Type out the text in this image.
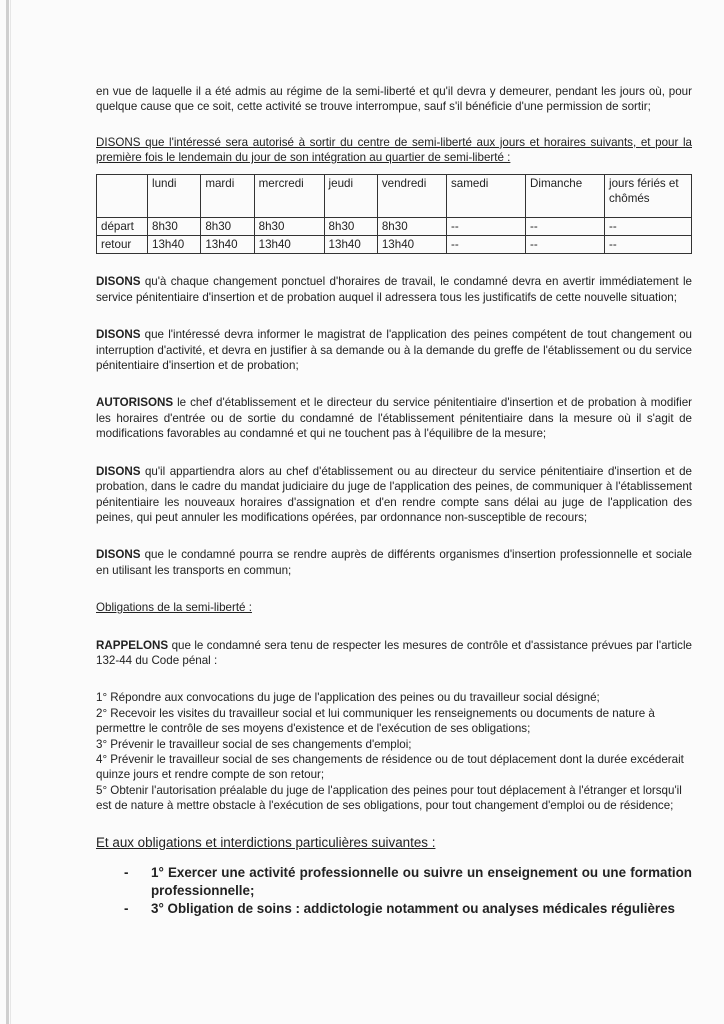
en vue de laquelle il a été admis au régime de la semi-liberté et qu'il devra y demeurer, pendant les jours où, pour quelque cause que ce soit, cette activité se trouve interrompue, sauf s'il bénéficie d'une permission de sortir;

DISONS que l'intéressé sera autorisé à sortir du centre de semi-liberté aux jours et horaires suivants, et pour la première fois le lendemain du jour de son intégration au quartier de semi-liberté :

	lundi	mardi	mercredi	jeudi	vendredi	samedi	Dimanche	jours fériés et chômés
départ	8h30	8h30	8h30	8h30	8h30	--	--	--
retour	13h40	13h40	13h40	13h40	13h40	--	--	--

DISONS qu'à chaque changement ponctuel d'horaires de travail, le condamné devra en avertir immédiatement le service pénitentiaire d'insertion et de probation auquel il adressera tous les justificatifs de cette nouvelle situation;

DISONS que l'intéressé devra informer le magistrat de l'application des peines compétent de tout changement ou interruption d'activité, et devra en justifier à sa demande ou à la demande du greffe de l'établissement ou du service pénitentiaire d'insertion et de probation;

AUTORISONS le chef d'établissement et le directeur du service pénitentiaire d'insertion et de probation à modifier les horaires d'entrée ou de sortie du condamné de l'établissement pénitentiaire dans la mesure où il s'agit de modifications favorables au condamné et qui ne touchent pas à l'équilibre de la mesure;

DISONS qu'il appartiendra alors au chef d'établissement ou au directeur du service pénitentiaire d'insertion et de probation, dans le cadre du mandat judiciaire du juge de l'application des peines, de communiquer à l'établissement pénitentiaire les nouveaux horaires d'assignation et d'en rendre compte sans délai au juge de l'application des peines, qui peut annuler les modifications opérées, par ordonnance non-susceptible de recours;

DISONS que le condamné pourra se rendre auprès de différents organismes d'insertion professionnelle et sociale en utilisant les transports en commun;

Obligations de la semi-liberté :

RAPPELONS que le condamné sera tenu de respecter les mesures de contrôle et d'assistance prévues par l'article 132-44 du Code pénal :

1° Répondre aux convocations du juge de l'application des peines ou du travailleur social désigné;

2° Recevoir les visites du travailleur social et lui communiquer les renseignements ou documents de nature à permettre le contrôle de ses moyens d'existence et de l'exécution de ses obligations;

3° Prévenir le travailleur social de ses changements d'emploi;

4° Prévenir le travailleur social de ses changements de résidence ou de tout déplacement dont la durée excéderait quinze jours et rendre compte de son retour;

5° Obtenir l'autorisation préalable du juge de l'application des peines pour tout déplacement à l'étranger et lorsqu'il est de nature à mettre obstacle à l'exécution de ses obligations, pour tout changement d'emploi ou de résidence;

Et aux obligations et interdictions particulières suivantes :

- 1° Exercer une activité professionnelle ou suivre un enseignement ou une formation professionnelle;

- 3° Obligation de soins : addictologie notamment ou analyses médicales régulières
